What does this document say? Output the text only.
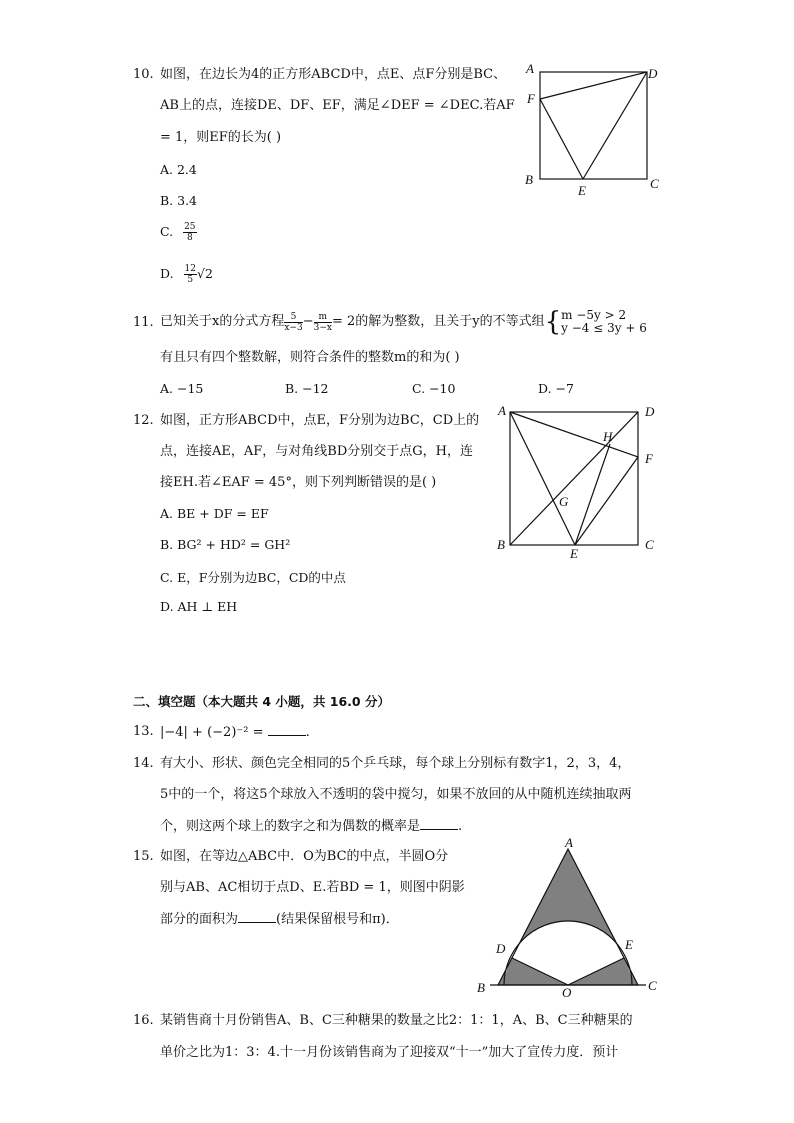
10. 如图，在边长为4的正方形ABCD中，点E、点F分别是BC、
AB上的点，连接DE、DF、EF，满足∠DEF = ∠DEC.若AF
= 1，则EF的长为( )
A. 2.4
B. 3.4
C. $\frac{25}{8}$
D. $\frac{12}{5} √2$
A	D
F
B	C
E
11. 已知关于x的分式方程 $\frac{5}{x-3} - \frac{m}{3-x} = 2$的解为整数，且关于y的不等式组 { m −5y > 2
y −4 ≤ 3y + 6
有且只有四个整数解，则符合条件的整数m的和为( )
A. −15	B. −12	C. −10	D. −7
12. 如图，正方形ABCD中，点E，F分别为边BC，CD上的
点，连接AE，AF，与对角线BD分别交于点G，H，连
接EH.若∠EAF = 45°，则下列判断错误的是( )
A. BE + DF = EF
B. BG² + HD² = GH²
C. E，F分别为边BC，CD的中点
D. AH ⊥ EH
A	D
H
F
G
B	C
E
二、填空题（本大题共 4 小题，共 16.0 分）
13. |−4| + (−2)⁻² =	.
14. 有大小、形状、颜色完全相同的5个乒乓球，每个球上分别标有数字1，2，3，4，
5中的一个，将这5个球放入不透明的袋中搅匀，如果不放回的从中随机连续抽取两
个，则这两个球上的数字之和为偶数的概率是	.
15. 如图，在等边△ABC中．O为BC的中点，半圆O分
别与AB、AC相切于点D、E.若BD = 1，则图中阴影
部分的面积为	(结果保留根号和π)．
A
D	E
B	C
O
16. 某销售商十月份销售A、B、C三种糖果的数量之比2：1：1，A、B、C三种糖果的
单价之比为1：3：4.十一月份该销售商为了迎接双“十一”加大了宣传力度．预计
